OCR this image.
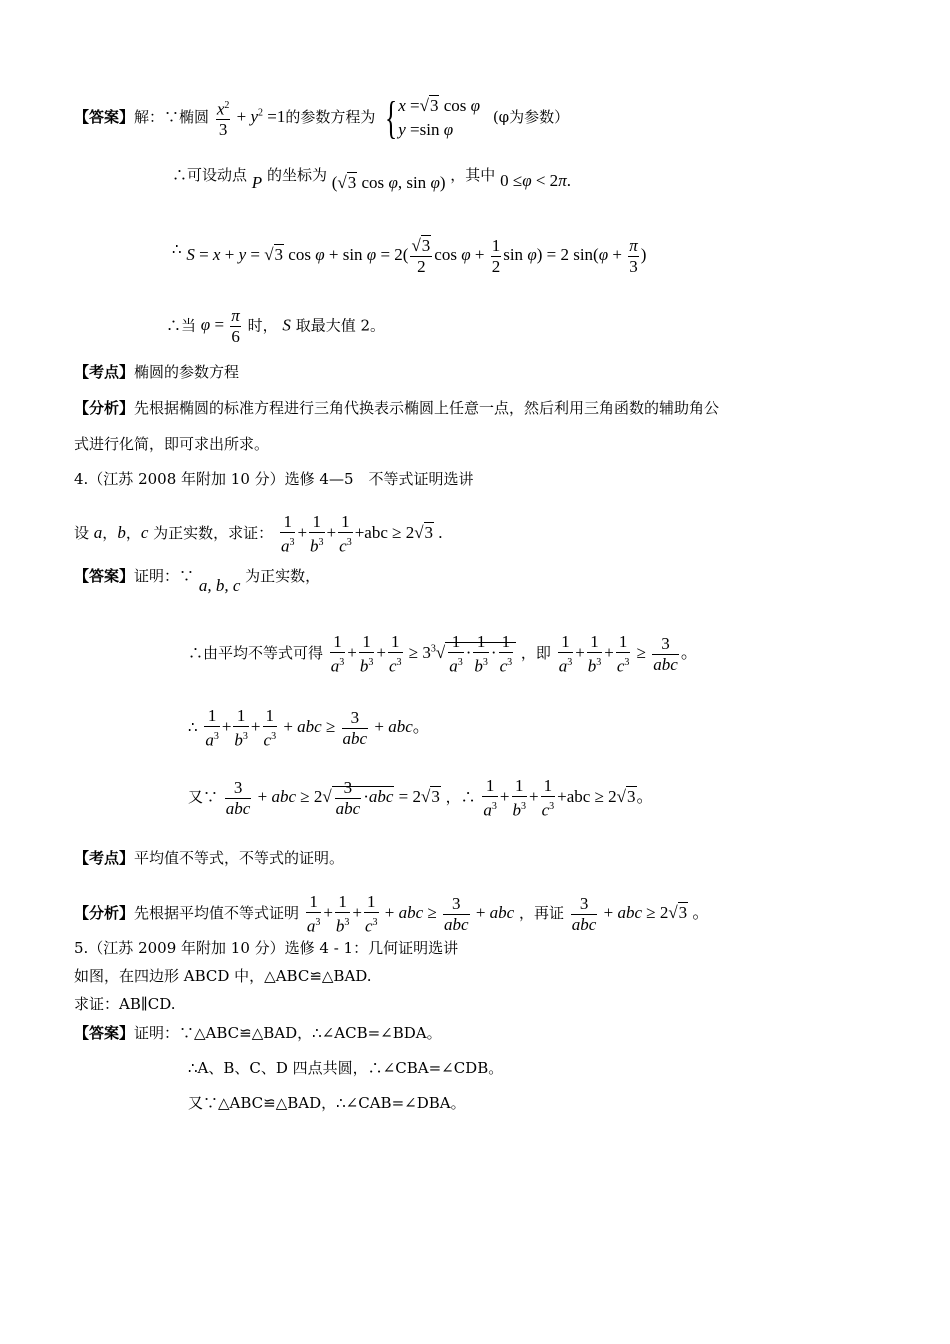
【答案】解：∵椭圆 $\frac{x^2}{3} + y^2 =1$的参数方程为 { x =√3 cos φ
y =sin φ
(φ为参数）
∴可设动点 P 的坐标为 (√3 cos φ, sin φ) ，其中 0 ≤φ < 2π.
∴ S = x + y = √3 $\cos \varphi + \sin \varphi = 2( \frac{√3}{2}$ $\cos \varphi + \frac{1}{2}$ sin φ) = 2 $\sin(\varphi + \frac{\pi}{3}$ )
∴当 $\varphi = \frac{\pi}{6}$ 时， S 取最大值 2。
【考点】椭圆的参数方程
【分析】先根据椭圆的标准方程进行三角代换表示椭圆上任意一点，然后利用三角函数的辅助角公
式进行化简，即可求出所求。
4.（江苏 2008 年附加 10 分）选修 4—5　不等式证明选讲
设 a，b，c 为正实数，求证： $\frac{1}{a^3} + \frac{1}{b^3} + \frac{1}{c^3} +abc \ge 2√3$ .
【答案】证明：∵ a, b, c 为正实数，
∴由平均不等式可得 $\frac{1}{a^3} + \frac{1}{b^3} + \frac{1}{c^3} \ge 3^3√ \frac{1}{a^3} \cdot \frac{1}{b^3} \cdot \frac{1}{c^3}$ ，即 $\frac{1}{a^3} + \frac{1}{b^3} + \frac{1}{c^3} \ge \frac{3}{\text{abc}}$ 。
∴ $\frac{1}{a^3} + \frac{1}{b^3} + \frac{1}{c^3}$ + abc ≥ $\frac{3}{\text{abc}}$ + abc。
又∵ $\frac{3}{\text{abc}}$ + abc ≥ $2√ \frac{3}{\text{abc}} \cdot abc = 2√3$ ，∴ $\frac{1}{a^3} + \frac{1}{b^3} + \frac{1}{c^3} +abc \ge 2√3$。
【考点】平均值不等式，不等式的证明。
【分析】先根据平均值不等式证明 $\frac{1}{a^3} + \frac{1}{b^3} + \frac{1}{c^3}$ + abc ≥ $\frac{3}{\text{abc}}$ + abc ，再证 $\frac{3}{\text{abc}}$ + abc ≥ 2√3 。
5.（江苏 2009 年附加 10 分）选修 4 - 1：几何证明选讲
如图，在四边形 ABCD 中，△ABC≌△BAD.
求证：AB∥CD.
【答案】证明：∵△ABC≌△BAD，∴∠ACB=∠BDA。
∴A、B、C、D 四点共圆，∴∠CBA=∠CDB。
又∵△ABC≌△BAD，∴∠CAB=∠DBA。
